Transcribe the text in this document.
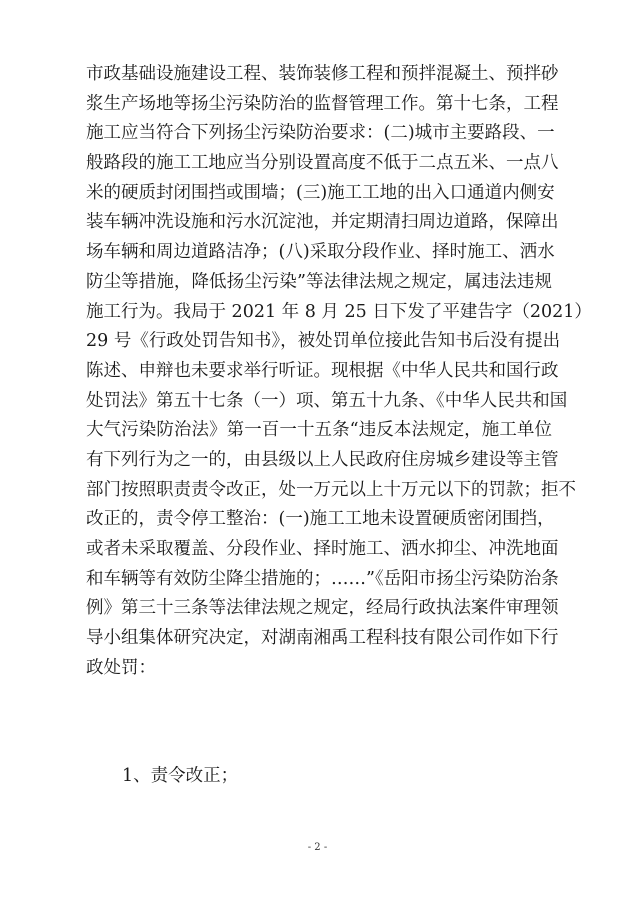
市政基础设施建设工程、装饰装修工程和预拌混凝土、预拌砂
浆生产场地等扬尘污染防治的监督管理工作。第十七条，工程
施工应当符合下列扬尘污染防治要求：(二)城市主要路段、一
般路段的施工工地应当分别设置高度不低于二点五米、一点八
米的硬质封闭围挡或围墙；(三)施工工地的出入口通道内侧安
装车辆冲洗设施和污水沉淀池，并定期清扫周边道路，保障出
场车辆和周边道路洁净；(八)采取分段作业、择时施工、洒水
防尘等措施，降低扬尘污染”等法律法规之规定，属违法违规
施工行为。我局于 2021 年 8 月 25 日下发了平建告字（2021）
29 号《行政处罚告知书》，被处罚单位接此告知书后没有提出
陈述、申辩也未要求举行听证。现根据《中华人民共和国行政
处罚法》第五十七条（一）项、第五十九条、《中华人民共和国
大气污染防治法》第一百一十五条“违反本法规定，施工单位
有下列行为之一的，由县级以上人民政府住房城乡建设等主管
部门按照职责责令改正，处一万元以上十万元以下的罚款；拒不
改正的，责令停工整治：(一)施工工地未设置硬质密闭围挡，
或者未采取覆盖、分段作业、择时施工、洒水抑尘、冲洗地面
和车辆等有效防尘降尘措施的；……”《岳阳市扬尘污染防治条
例》第三十三条等法律法规之规定，经局行政执法案件审理领
导小组集体研究决定，对湖南湘禹工程科技有限公司作如下行
政处罚：
1、责令改正；
- 2 -
